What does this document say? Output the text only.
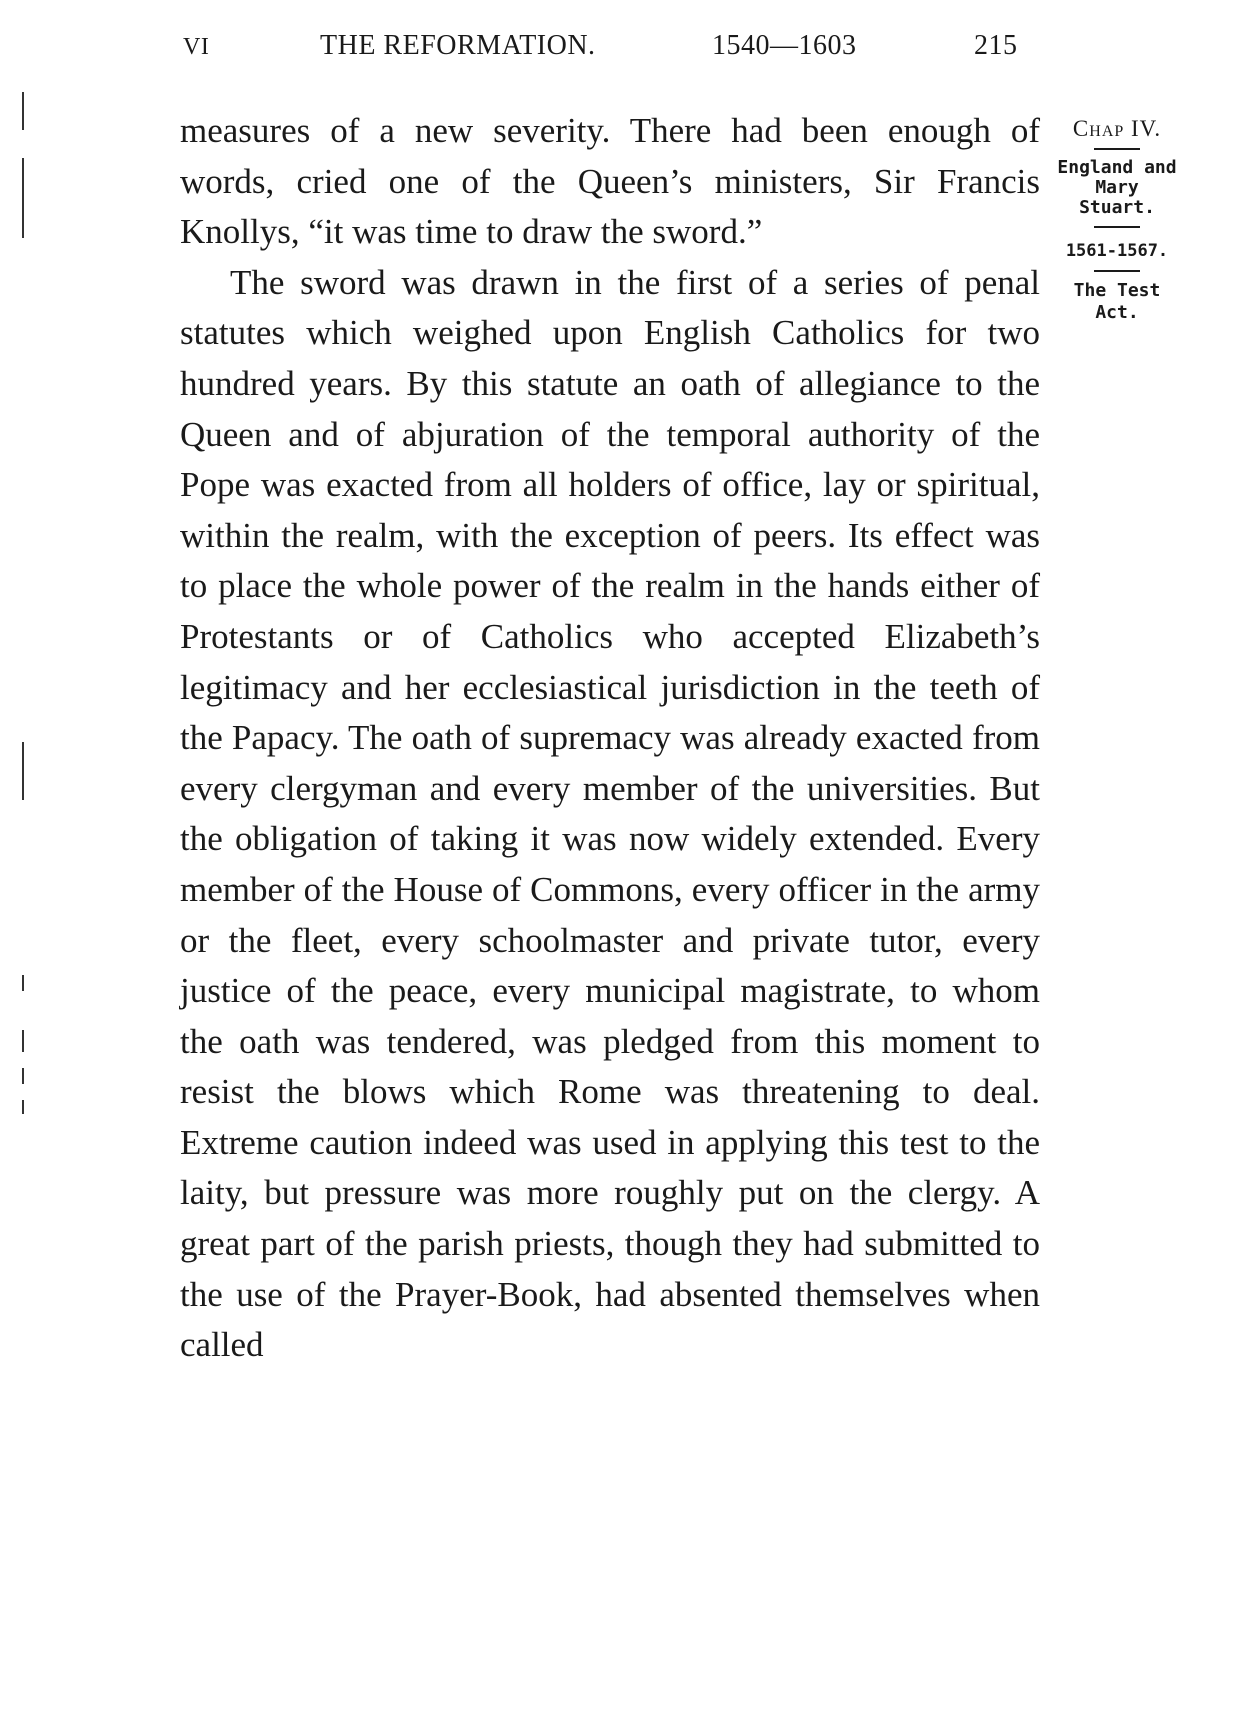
VI	THE REFORMATION.	1540—1603	215

measures of a new severity. There had been enough of words, cried one of the Queen’s ministers, Sir Francis Knollys, “it was time to draw the sword.”

The sword was drawn in the first of a series of penal statutes which weighed upon English Catholics for two hundred years. By this statute an oath of allegiance to the Queen and of abjuration of the temporal authority of the Pope was exacted from all holders of office, lay or spiritual, within the realm, with the exception of peers. Its effect was to place the whole power of the realm in the hands either of Protestants or of Catholics who accepted Elizabeth’s legitimacy and her ecclesiastical jurisdiction in the teeth of the Papacy. The oath of supremacy was already exacted from every clergyman and every member of the universities. But the obligation of taking it was now widely extended. Every member of the House of Commons, every officer in the army or the fleet, every schoolmaster and private tutor, every justice of the peace, every municipal magistrate, to whom the oath was tendered, was pledged from this moment to resist the blows which Rome was threatening to deal. Extreme caution indeed was used in applying this test to the laity, but pressure was more roughly put on the clergy. A great part of the parish priests, though they had submitted to the use of the Prayer-Book, had absented themselves when called

Chap IV.
England and Mary Stuart.
1561-1567.
The Test Act.
